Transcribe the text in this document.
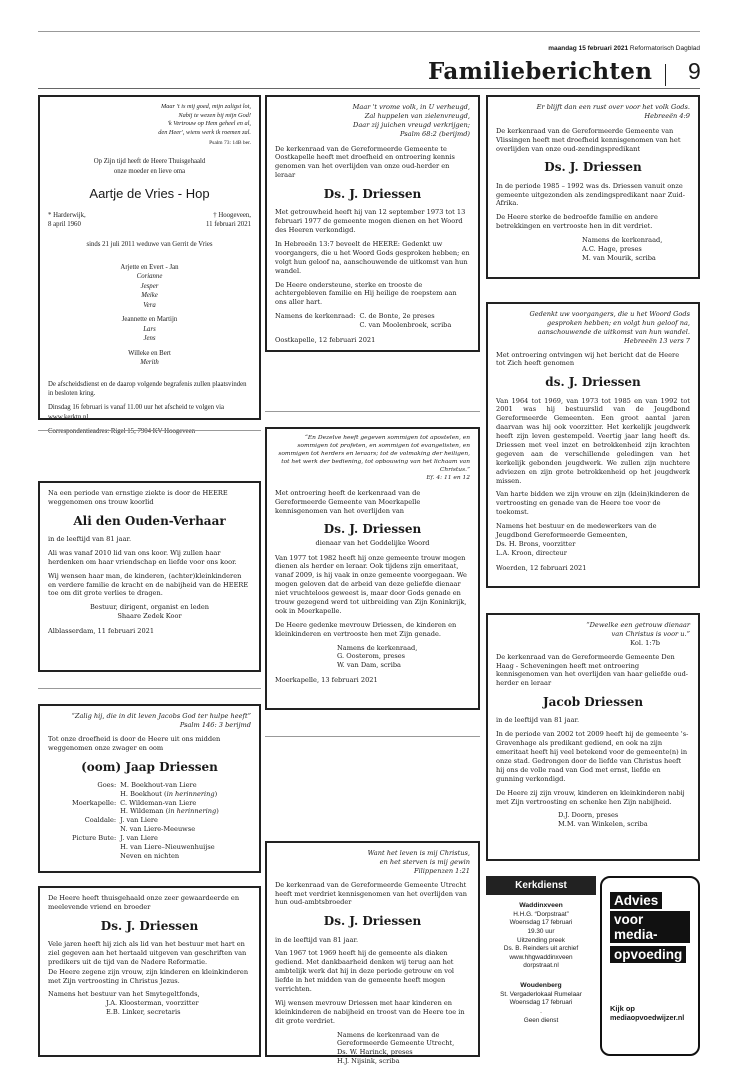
maandag 15 februari 2021 Reformatorisch Dagblad
Familieberichten 9
Maar 't is mij goed, mijn zaligst lot,
Nabij te wezen bij mijn God!
'k Vertrouw op Hem geheel en al,
den Heer', wiens werk ik roemen zal.
Psalm 73: 14B ber.
Op Zijn tijd heeft de Heere Thuisgehaald
onze moeder en lieve oma
Aartje de Vries - Hop
* Harderwijk,
8 april 1960
† Hoogeveen,
11 februari 2021
sinds 21 juli 2011 weduwe van Gerrit de Vries
Arjette en Evert - Jan
Corianne
Jesper
Meike
Vera
Jeannette en Martijn
Lars
Jens
Willeke en Bert
Merith

De afscheidsdienst en de daarop volgende begrafenis zullen plaatsvinden in besloten kring.

Dinsdag 16 februari is vanaf 11.00 uur het afscheid te volgen via www.kerktn.nl

Correspondentieadres: Rigel 15, 7904 KV Hoogeveen

Na een periode van ernstige ziekte is door de HEERE weggenomen ons trouw koorlid

Ali den Ouden-Verhaar

in de leeftijd van 81 jaar.

Ali was vanaf 2010 lid van ons koor. Wij zullen haar herdenken om haar vriendschap en liefde voor ons koor.

Wij wensen haar man, de kinderen, (achter)kleinkinderen en verdere familie de kracht en de nabijheid van de HEERE toe om dit grote verlies te dragen.

Bestuur, dirigent, organist en leden
Shaare Zedek Koor

Alblasserdam, 11 februari 2021

“Zalig hij, die in dit leven Jacobs God ter hulpe heeft”
Psalm 146: 3 berijmd

Tot onze droefheid is door de Heere uit ons midden weggenomen onze zwager en oom

(oom) Jaap Driessen
Goes: M. Boekhout-van Liere
H. Boekhout (in herinnering)
Moerkapelle: C. Wildeman-van Liere
H. Wildeman (in herinnering)
Coaldale: J. van Liere
N. van Liere-Meeuwse
Picture Bute: J. van Liere
H. van Liere–Nieuwenhuijse
Neven en nichten

De Heere heeft thuisgehaald onze zeer gewaardeerde en meelevende vriend en broeder

Ds. J. Driessen

Vele jaren heeft hij zich als lid van het bestuur met hart en ziel gegeven aan het hertaald uitgeven van geschriften van predikers uit de tijd van de Nadere Reformatie.

De Heere zegene zijn vrouw, zijn kinderen en kleinkinderen met Zijn vertroosting in Christus Jezus.

Namens het bestuur van het Smytegeltfonds,
J.A. Kloosterman, voorzitter
E.B. Linker, secretaris
Maar 't vrome volk, in U verheugd,
Zal huppelen van zielenvreugd,
Daar zij juichen vreugd verkrijgen;
Psalm 68:2 (berijmd)

De kerkenraad van de Gereformeerde Gemeente te Oostkapelle heeft met droefheid en ontroering kennis genomen van het overlijden van onze oud-herder en leraar

Ds. J. Driessen

Met getrouwheid heeft hij van 12 september 1973 tot 13 februari 1977 de gemeente mogen dienen en het Woord des Heeren verkondigd.

In Hebreeën 13:7 beveelt de HEERE: Gedenkt uw voorgangers, die u het Woord Gods gesproken hebben; en volgt hun geloof na, aanschouwende de uitkomst van hun wandel.

De Heere ondersteune, sterke en trooste de achtergebleven familie en Hij heilige de roepstem aan ons aller hart.

Namens de kerkenraad: C. de Bonte, 2e preses
C. van Moolenbroek, scriba

Oostkapelle, 12 februari 2021

“En Dezelve heeft gegeven sommigen tot apostelen, en sommigen tot profeten, en sommigen tot evangelisten, en sommigen tot herders en leraars; tot de volmaking der heiligen, tot het werk der bediening, tot opbouwing van het lichaam van Christus.”
Ef. 4: 11 en 12

Met ontroering heeft de kerkenraad van de Gereformeerde Gemeente van Moerkapelle kennisgenomen van het overlijden van

Ds. J. Driessen
dienaar van het Goddelijke Woord

Van 1977 tot 1982 heeft hij onze gemeente trouw mogen dienen als herder en leraar. Ook tijdens zijn emeritaat, vanaf 2009, is hij vaak in onze gemeente voorgegaan. We mogen geloven dat de arbeid van deze geliefde dienaar niet vruchteloos geweest is, maar door Gods genade en trouw gezegend werd tot uitbreiding van Zijn Koninkrijk, ook in Moerkapelle.

De Heere gedenke mevrouw Driessen, de kinderen en kleinkinderen en vertrooste hen met Zijn genade.

Namens de kerkenraad,
G. Oosterom, preses
W. van Dam, scriba

Moerkapelle, 13 februari 2021

Want het leven is mij Christus,
en het sterven is mij gewin
Filippenzen 1:21

De kerkenraad van de Gereformeerde Gemeente Utrecht heeft met verdriet kennisgenomen van het overlijden van hun oud-ambtsbroeder

Ds. J. Driessen

in de leeftijd van 81 jaar.

Van 1967 tot 1969 heeft hij de gemeente als diaken gediend. Met dankbaarheid denken wij terug aan het ambtelijk werk dat hij in deze periode getrouw en vol liefde in het midden van de gemeente heeft mogen verrichten.

Wij wensen mevrouw Driessen met haar kinderen en kleinkinderen de nabijheid en troost van de Heere toe in dit grote verdriet.

Namens de kerkenraad van de
Gereformeerde Gemeente Utrecht,
Ds. W. Harinck, preses
H.J. Nijsink, scriba
Er blijft dan een rust over voor het volk Gods.
Hebreeën 4:9

De kerkenraad van de Gereformeerde Gemeente van Vlissingen heeft met droefheid kennisgenomen van het overlijden van onze oud-zendingspredikant

Ds. J. Driessen

In de periode 1985 – 1992 was ds. Driessen vanuit onze gemeente uitgezonden als zendingspredikant naar Zuid-Afrika.

De Heere sterke de bedroefde familie en andere betrekkingen en vertrooste hen in dit verdriet.

Namens de kerkenraad,
A.C. Hage, preses
M. van Mourik, scriba
Gedenkt uw voorgangers, die u het Woord Gods
gesproken hebben; en volgt hun geloof na,
aanschouwende de uitkomst van hun wandel.
Hebreeën 13 vers 7

Met ontroering ontvingen wij het bericht dat de Heere tot Zich heeft genomen

ds. J. Driessen

Van 1964 tot 1969, van 1973 tot 1985 en van 1992 tot 2001 was hij bestuurslid van de Jeugdbond Gereformeerde Gemeenten. Een groot aantal jaren daarvan was hij ook voorzitter. Het kerkelijk jeugdwerk heeft zijn leven gestempeld. Veertig jaar lang heeft ds. Driessen met veel inzet en betrokkenheid zijn krachten gegeven aan de verschillende geledingen van het kerkelijk gebonden jeugdwerk. We zullen zijn nuchtere adviezen en zijn grote betrokkenheid op het jeugdwerk missen.

Van harte bidden we zijn vrouw en zijn (klein)kinderen de vertroosting en genade van de Heere toe voor de toekomst.

Namens het bestuur en de medewerkers van de Jeugdbond Gereformeerde Gemeenten,
Ds. H. Brons, voorzitter
L.A. Kroon, directeur

Woerden, 12 februari 2021

“Dewelke een getrouw dienaar
van Christus is voor u.”
Kol. 1:7b

De kerkenraad van de Gereformeerde Gemeente Den Haag - Scheveningen heeft met ontroering kennisgenomen van het overlijden van haar geliefde oud-herder en leraar

Jacob Driessen

in de leeftijd van 81 jaar.

In de periode van 2002 tot 2009 heeft hij de gemeente 's-Gravenhage als predikant gediend, en ook na zijn emeritaat heeft hij veel betekend voor de gemeente(n) in onze stad. Gedrongen door de liefde van Christus heeft hij ons de volle raad van God met ernst, liefde en gunning verkondigd.

De Heere zij zijn vrouw, kinderen en kleinkinderen nabij met Zijn vertroosting en schenke hen Zijn nabijheid.

D.J. Doorn, preses
M.M. van Winkelen, scriba
Kerkdienst
Waddinxveen
H.H.G. “Dorpstraat”
Woensdag 17 februari
19.30 uur
Uitzending preek
Ds. B. Reinders uit archief
www.hhgwaddinxveen
dorpstraat.nl
Woudenberg
St. Vergaderlokaal Rumelaar
Woensdag 17 februari
.
Geen dienst
Advies
voor media-
opvoeding
Kijk op
mediaopvoedwijzer.nl
